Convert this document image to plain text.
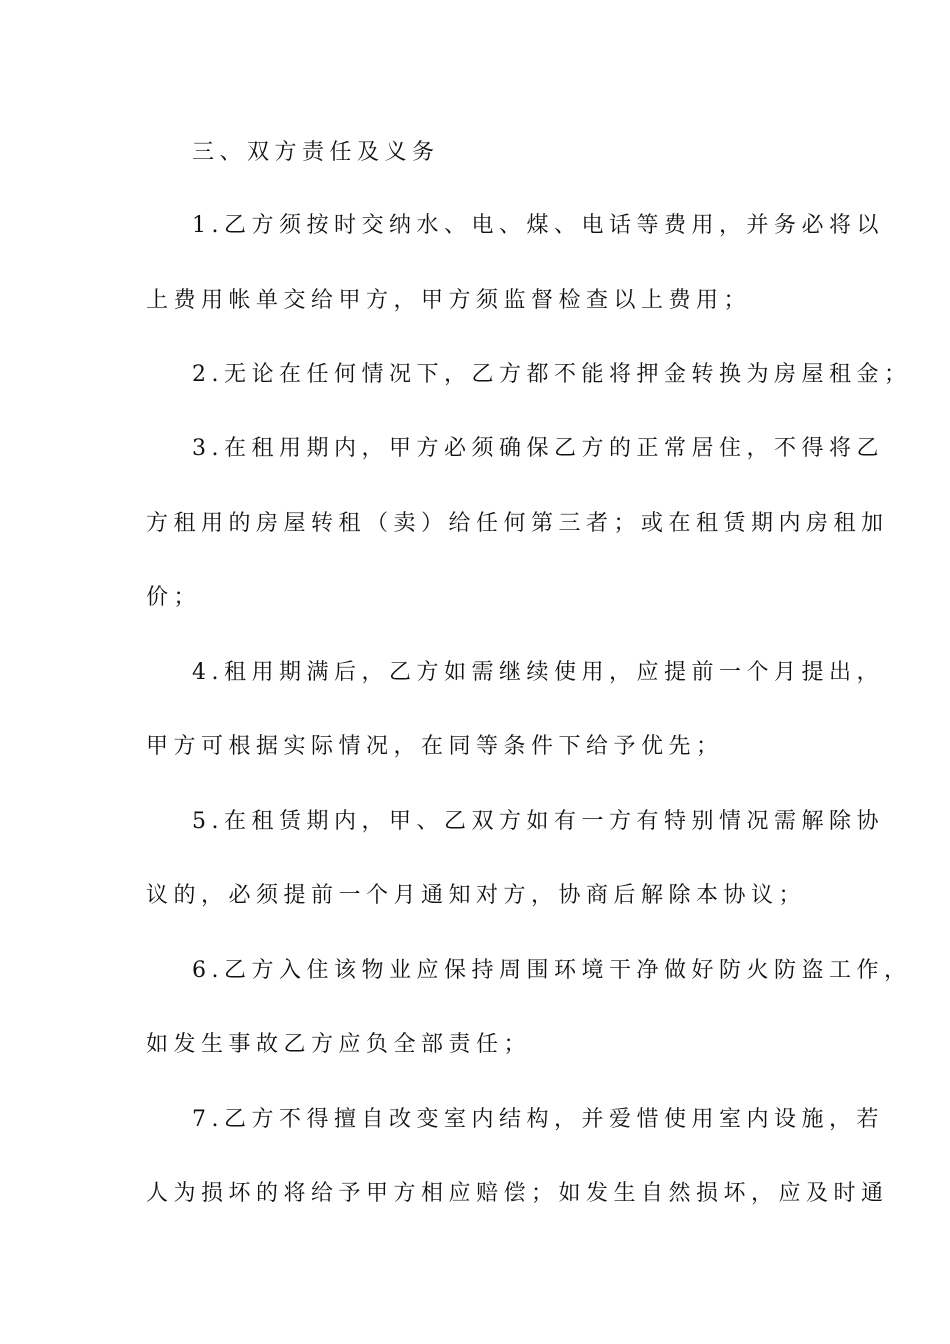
三、双方责任及义务
1.乙方须按时交纳水、电、煤、电话等费用，并务必将以
上费用帐单交给甲方，甲方须监督检查以上费用；
2.无论在任何情况下，乙方都不能将押金转换为房屋租金；
3.在租用期内，甲方必须确保乙方的正常居住，不得将乙
方租用的房屋转租（卖）给任何第三者；或在租赁期内房租加
价；
4.租用期满后，乙方如需继续使用，应提前一个月提出，
甲方可根据实际情况，在同等条件下给予优先；
5.在租赁期内，甲、乙双方如有一方有特别情况需解除协
议的，必须提前一个月通知对方，协商后解除本协议；
6.乙方入住该物业应保持周围环境干净做好防火防盗工作，
如发生事故乙方应负全部责任；
7.乙方不得擅自改变室内结构，并爱惜使用室内设施，若
人为损坏的将给予甲方相应赔偿；如发生自然损坏，应及时通
